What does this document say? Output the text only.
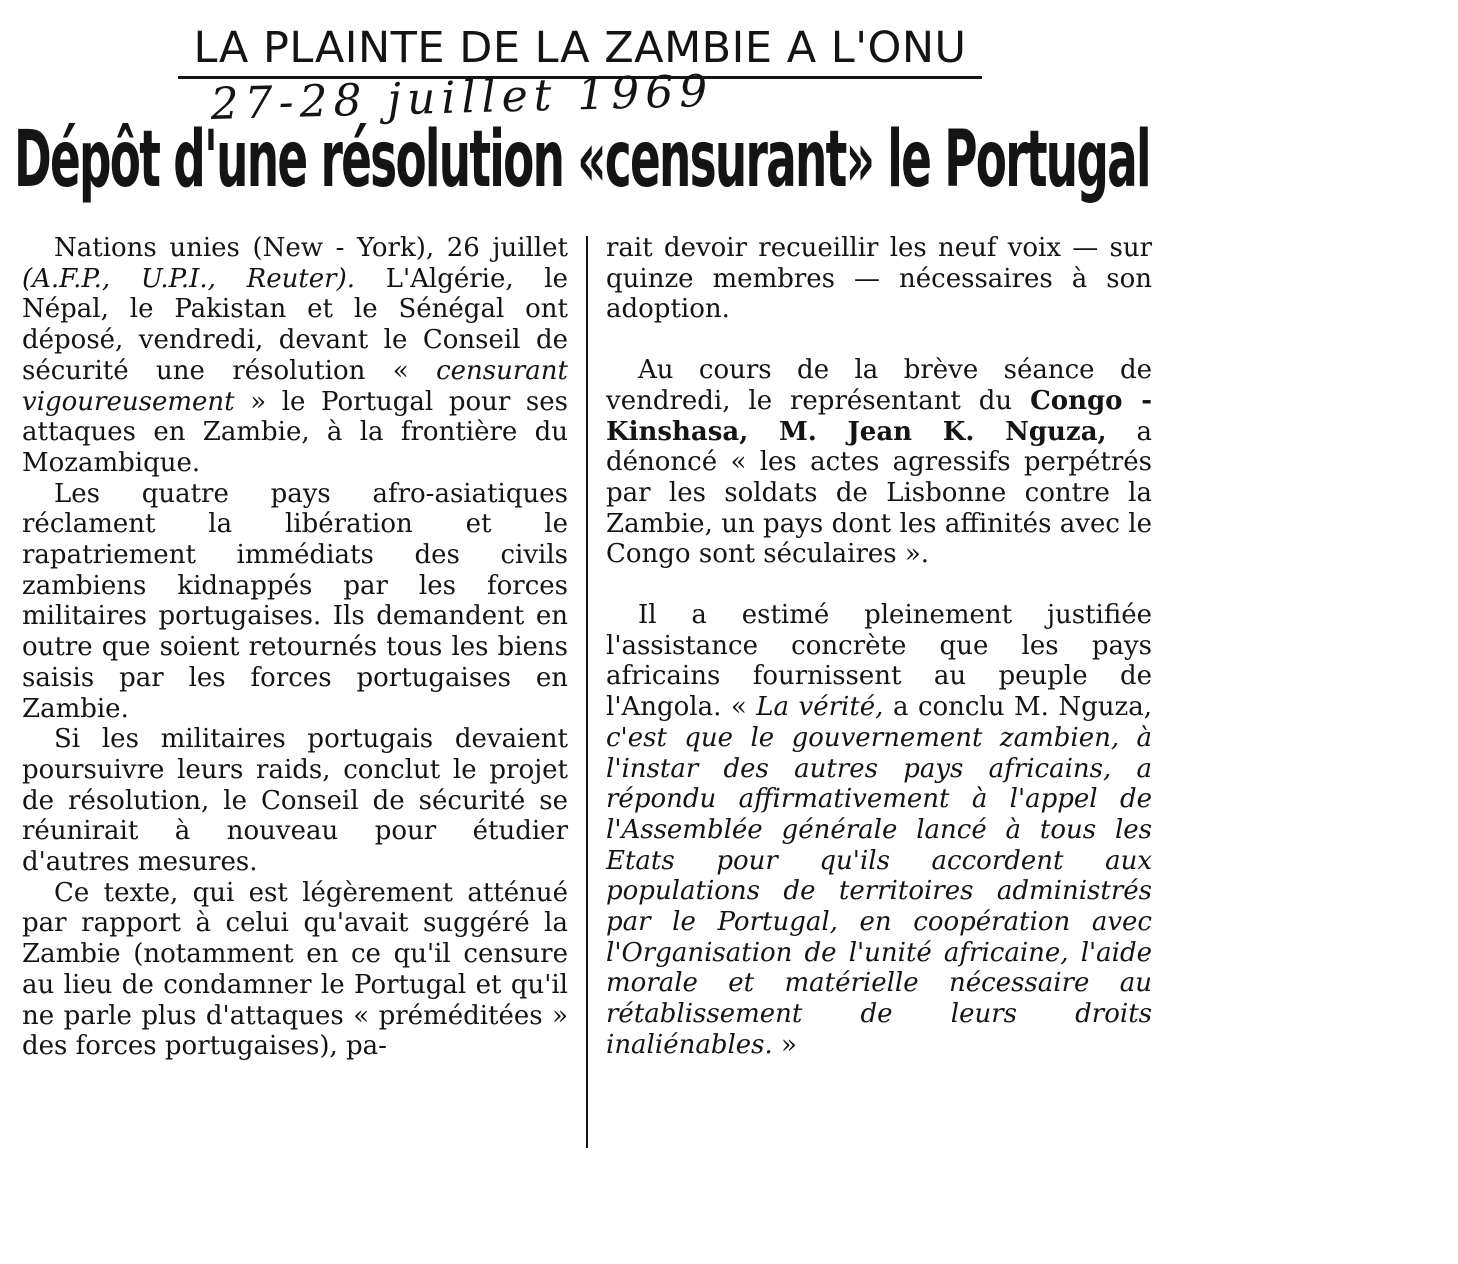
LA PLAINTE DE LA ZAMBIE A L'ONU
27-28 juillet 1969
Dépôt d'une résolution «censurant» le Portugal

Nations unies (New - York), 26 juillet (A.F.P., U.P.I., Reuter). L'Algérie, le Népal, le Pakistan et le Sénégal ont déposé, vendredi, devant le Conseil de sécurité une résolution « censurant vigoureusement » le Portugal pour ses attaques en Zambie, à la frontière du Mozambique.

Les quatre pays afro-asiatiques réclament la libération et le rapatriement immédiats des civils zambiens kidnappés par les forces militaires portugaises. Ils demandent en outre que soient retournés tous les biens saisis par les forces portugaises en Zambie.

Si les militaires portugais devaient poursuivre leurs raids, conclut le projet de résolution, le Conseil de sécurité se réunirait à nouveau pour étudier d'autres mesures.

Ce texte, qui est légèrement atténué par rapport à celui qu'avait suggéré la Zambie (notamment en ce qu'il censure au lieu de condamner le Portugal et qu'il ne parle plus d'attaques « préméditées » des forces portugaises), pa-

rait devoir recueillir les neuf voix — sur quinze membres — nécessaires à son adoption.

Au cours de la brève séance de vendredi, le représentant du Congo - Kinshasa, M. Jean K. Nguza, a dénoncé « les actes agressifs perpétrés par les soldats de Lisbonne contre la Zambie, un pays dont les affinités avec le Congo sont séculaires ».

Il a estimé pleinement justifiée l'assistance concrète que les pays africains fournissent au peuple de l'Angola. « La vérité, a conclu M. Nguza, c'est que le gouvernement zambien, à l'instar des autres pays africains, a répondu affirmativement à l'appel de l'Assemblée générale lancé à tous les Etats pour qu'ils accordent aux populations de territoires administrés par le Portugal, en coopération avec l'Organisation de l'unité africaine, l'aide morale et matérielle nécessaire au rétablissement de leurs droits inaliénables. »
